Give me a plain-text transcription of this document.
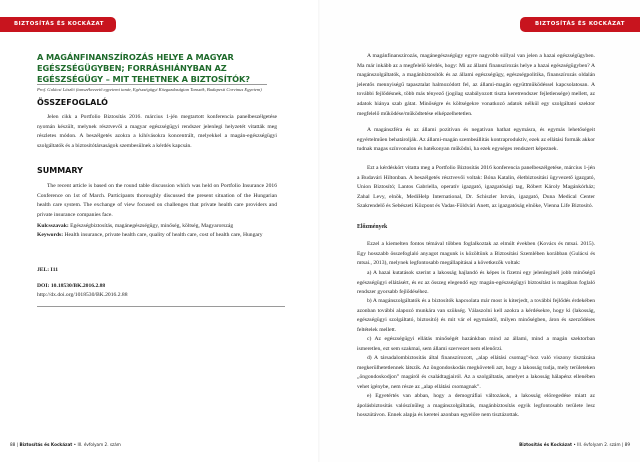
BIZTOSÍTÁS ÉS KOCKÁZAT
A MAGÁNFINANSZÍROZÁS HELYE A MAGYAR EGÉSZSÉGÜGYBEN; FORRÁSHIÁNYBAN AZ EGÉSZSÉGÜGY – MIT TEHETNEK A BIZTOSÍTÓK?
Prof. Gulácsi László (tanszékvezető egyetemi tanár, Egészségügyi Közgazdaságtan Tanszék, Budapesti Corvinus Egyetem)
ÖSSZEFOGLALÓ
Jelen cikk a Portfolio Biztosítás 2016. március 1-jén megtartott konferencia panelbeszélgetése nyomán készült, melynek résztvevői a magyar egészségügyi rendszer jelenlegi helyzetét vitatták meg részletes módon. A beszélgetés azokra a kihívásokra koncentrált, melyekkel a magán-egészségügyi szolgáltatók és a biztosítótársaságok szembesülnek a kérdés kapcsán.
SUMMARY
The recent article is based on the round table discussion which was held on Portfolio Insurance 2016 Conference on 1st of March. Participants thoroughly discussed the present situation of the Hungarian health care system. The exchange of view focused on challenges that private health care providers and private insurance companies face.
Kulcsszavak: Egészségbiztosítás, magánegészségügy, minőség, költség, Magyarország
Keywords: Health insurance, private health care, quality of health care, cost of health care, Hungary
JEL: I11
DOI: 10.18530/BK.2016.2.88
http://dx.doi.org/1018530/BK.2016.2.88
88 | Biztosítás és Kockázat • III. évfolyam 2. szám
BIZTOSÍTÁS ÉS KOCKÁZAT
Biztosítás és Kockázat • III. évfolyam 2. szám | 89
A magánfinanszírozás, magánegészségügy egyre nagyobb súllyal van jelen a hazai egészségügyben. Ma már inkább az a megfelelő kérdés, hogy: Mi az állami finanszírozás helye a hazai egészségügyben? A magánszolgáltatók, a magánbiztosítók és az állami egészségügy, egészségpolitika, finanszírozás oldalán jelentős mennyiségű tapasztalat halmozódott fel, az állami-magán együttműködéssel kapcsolatosan. A további fejlődésnek, több más tényező (jogilag szabályozott tiszta keretrendszer fejletlensége) mellett, az adatok hiánya szab gátat. Minőségre és költségekre vonatkozó adatok nélkül egy szolgáltató szektor megfelelő működése/működtetése elképzelhetetlen.
A magánszféra és az állami pozitívan és negatívan hathat egymásra, és egymás lehetőségeit egyértelműen behatárolják. Az állami-magán szembeállítás kontraproduktív, ezek az ellátási formák akkor tudnak magas színvonalon és hatékonyan működni, ha ezek egységes rendszert képeznek.
Ezt a kérdéskört vitatta meg a Portfolio Biztosítás 2016 konferencia panelbeszélgetése, március 1-jén a Budavári Hiltonban. A beszélgetés résztvevői voltak: Bóna Katalin, életbiztosítási ügyvezető igazgató, Union Biztosító; Lantos Gabriella, operatív igazgató, igazgatósági tag, Róbert Károly Magánkórház; Zahal Levy, elnök, MediHelp International, Dr. Schiszler István, igazgató, Duna Medical Center Szakrendelő és Sebészeti Központ és Vadas-Földvári Anett, az igazgatóság elnöke, Vienna Life Biztosító.
Előzmények
Ezzel a kiemelten fontos témával többen foglalkoztak az elmúlt években (Kovács és mtsai. 2015). Egy hosszabb összefoglaló anyagot magunk is közöltünk a Biztosítási Szemlében korábban (Gulácsi és mtsai., 2013), melynek legfontosabb megállapításai a következők voltak:
a) A hazai kutatások szerint a lakosság hajlandó és képes is fizetni egy jelenleginél jobb minőségű egészségügyi ellátásért, és ez az összeg elegendő egy magán-egészségügyi biztosítást is magában foglaló rendszer gyorsabb fejlődéséhez.
b) A magánszolgáltatók és a biztosítók kapcsolata már most is kiterjedt, a további fejlődés érdekében azonban további alapozó munkára van szükség. Válaszolni kell azokra a kérdésekre, hogy ki (lakosság, egészségügyi szolgáltató, biztosító) és mit vár el egymástól, milyen minőségben, áron és szerződéses feltételek mellett.
c) Az egészségügyi ellátás minőségét hazánkban mind az állami, mind a magán szektorban ismeretlen, ezt sem szakmai, sem állami szervezet nem ellenőrzi.
d) A társadalombiztosítás által finanszírozott, „alap ellátási csomag”-hoz való viszony tisztázása megkerülhetetlennek látszik. Az öngondoskodás megköveteli azt, hogy a lakosság tudja, mely területeken „öngondoskodjon” magáról és családtagjairól. Az a szolgáltatás, amelyet a lakosság hálapénz ellenében vehet igénybe, nem része az „alap ellátási csomagnak”.
e) Egyetértés van abban, hogy a demográfiai változások, a lakosság elöregedése miatt az ápolásbiztosítás valószínűleg a magánszolgáltatás, magánbiztosítás egyik legfontosabb területe lesz hosszútávon. Ennek alapja és keretei azonban egyelőre nem tisztázottak.
